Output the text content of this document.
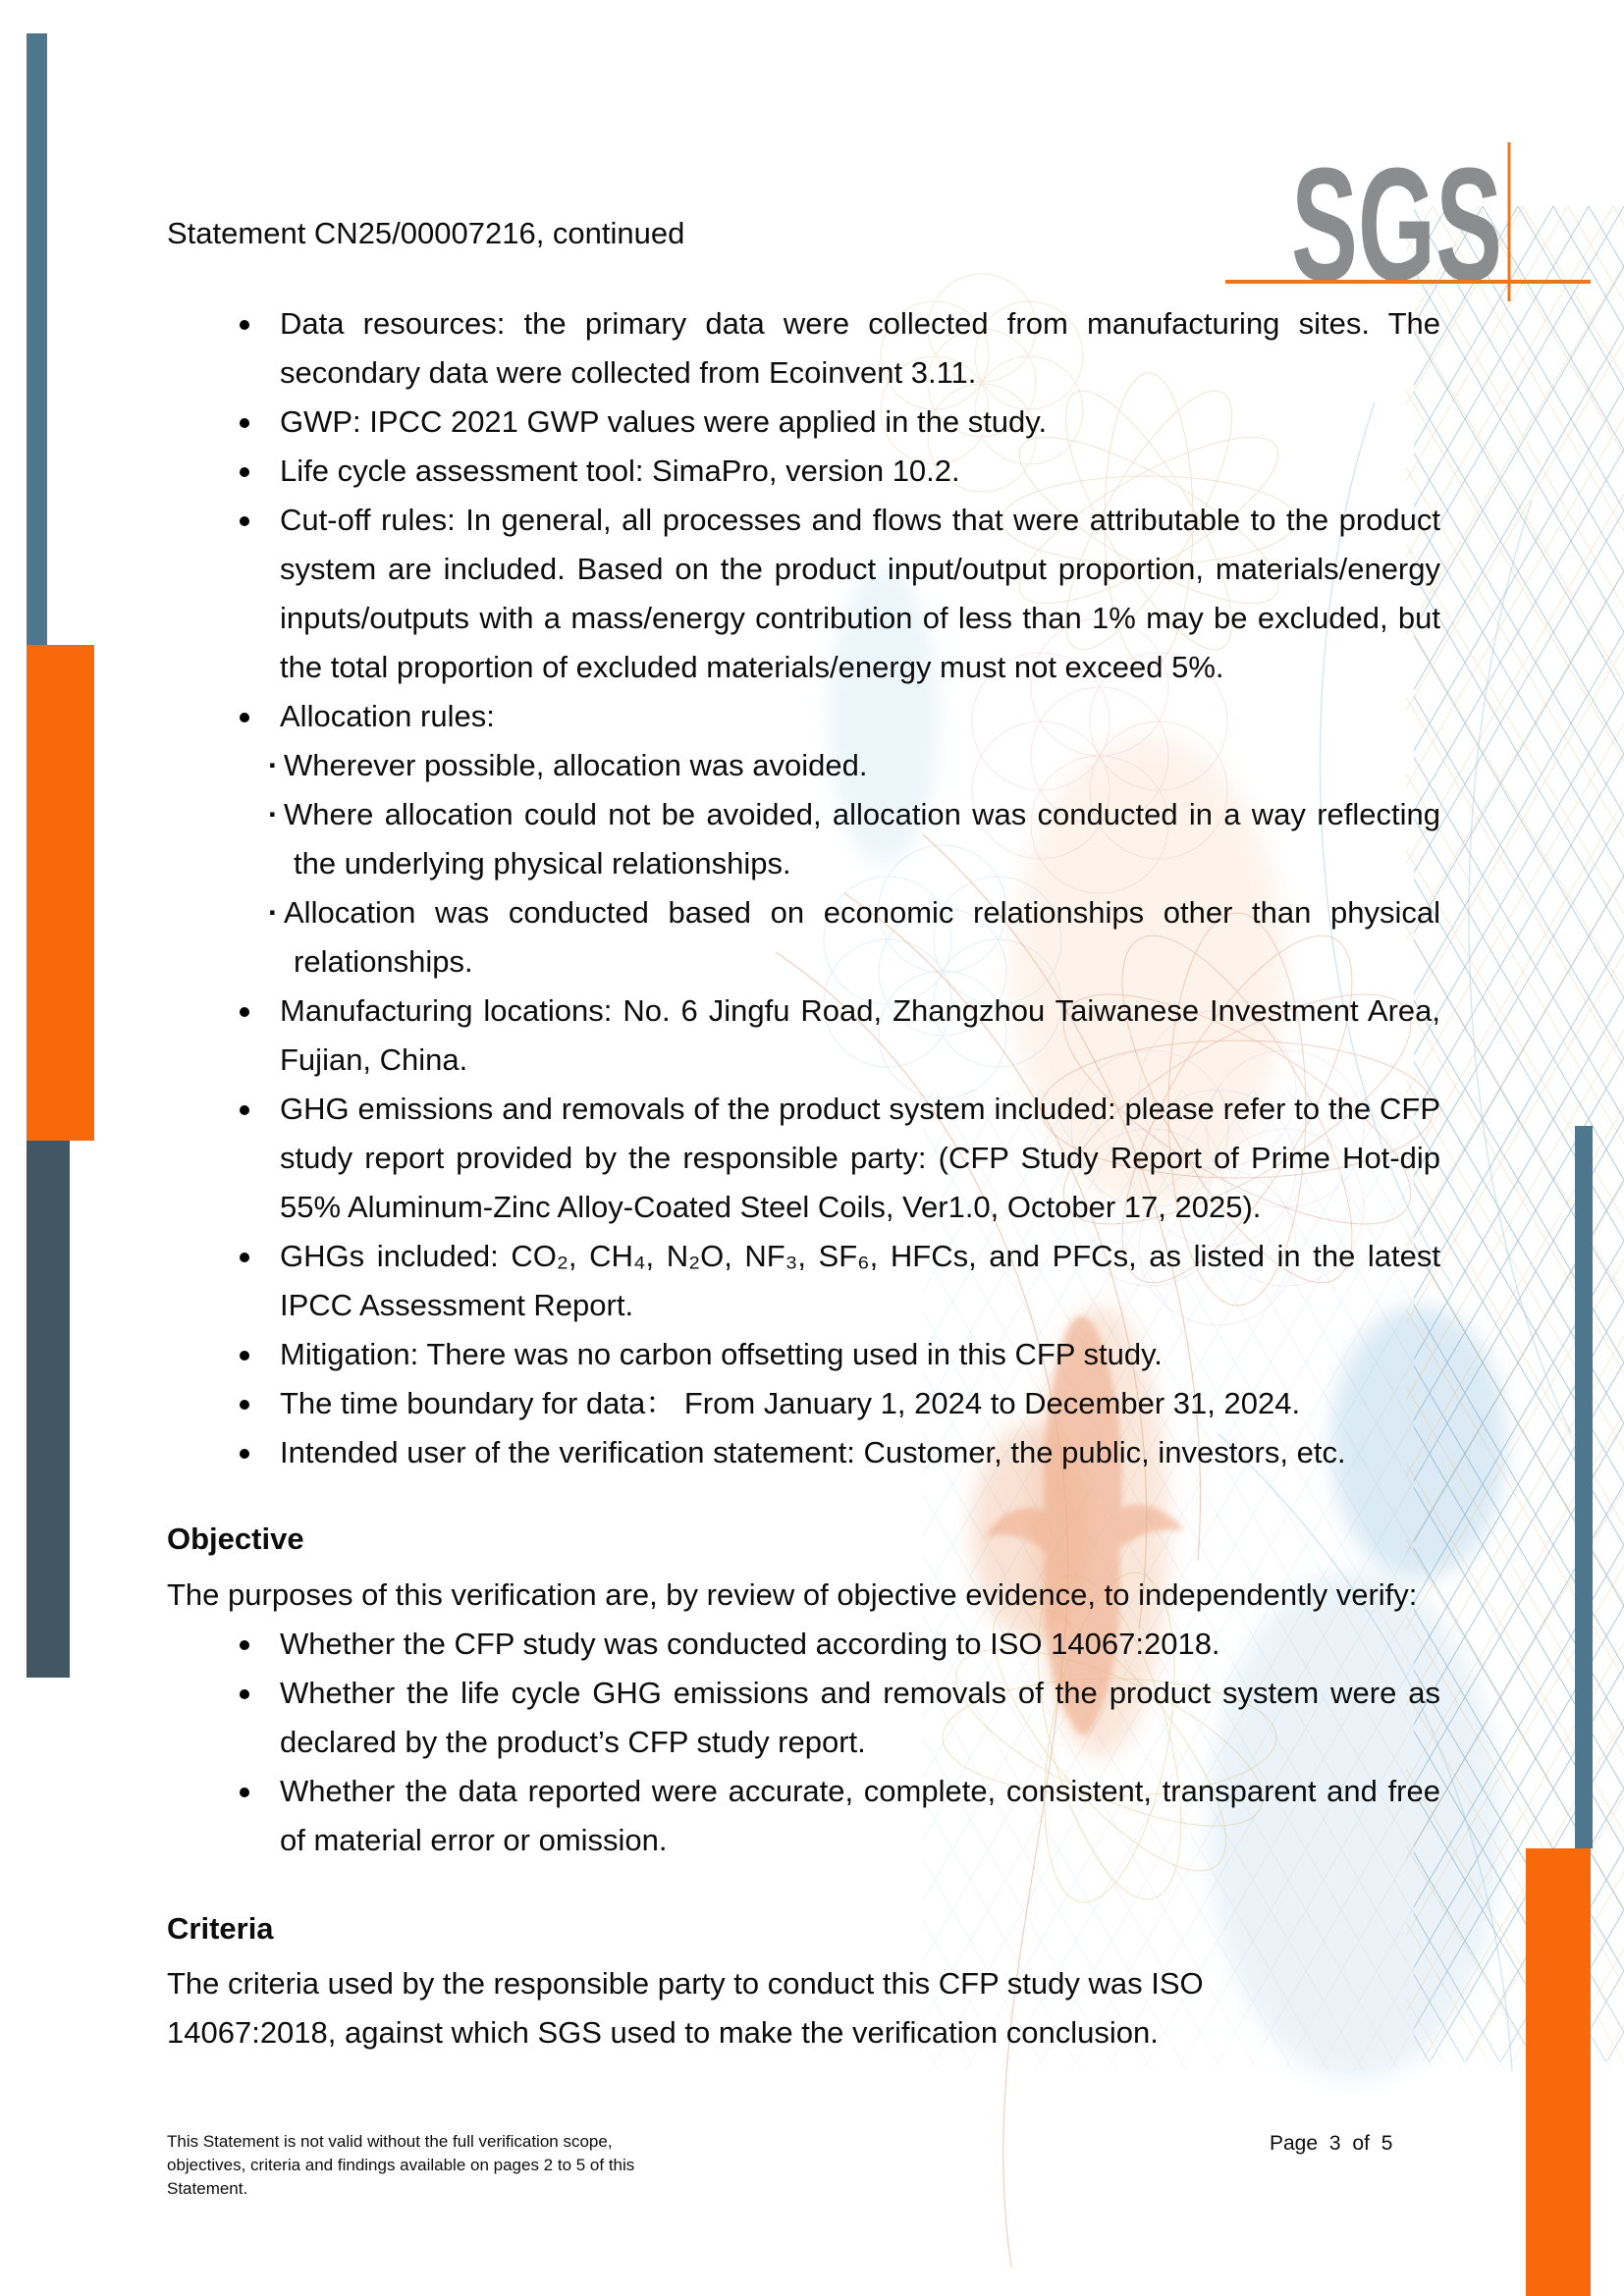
SGS
Statement CN25/00007216, continued
Data resources: the primary data were collected from manufacturing sites. The secondary data were collected from Ecoinvent 3.11.
GWP: IPCC 2021 GWP values were applied in the study.
Life cycle assessment tool: SimaPro, version 10.2.
Cut-off rules: In general, all processes and flows that were attributable to the product system are included. Based on the product input/output proportion, materials/energy inputs/outputs with a mass/energy contribution of less than 1% may be excluded, but the total proportion of excluded materials/energy must not exceed 5%.
Allocation rules:
· Wherever possible, allocation was avoided.
· Where allocation could not be avoided, allocation was conducted in a way reflecting the underlying physical relationships.
· Allocation was conducted based on economic relationships other than physical relationships.
Manufacturing locations: No. 6 Jingfu Road, Zhangzhou Taiwanese Investment Area, Fujian, China.
GHG emissions and removals of the product system included: please refer to the CFP study report provided by the responsible party: (CFP Study Report of Prime Hot-dip 55% Aluminum-Zinc Alloy-Coated Steel Coils, Ver1.0, October 17, 2025).
GHGs included: CO₂, CH₄, N₂O, NF₃, SF₆, HFCs, and PFCs, as listed in the latest IPCC Assessment Report.
Mitigation: There was no carbon offsetting used in this CFP study.
The time boundary for data： From January 1, 2024 to December 31, 2024.
Intended user of the verification statement: Customer, the public, investors, etc.
Objective
The purposes of this verification are, by review of objective evidence, to independently verify:
Whether the CFP study was conducted according to ISO 14067:2018.
Whether the life cycle GHG emissions and removals of the product system were as declared by the product’s CFP study report.
Whether the data reported were accurate, complete, consistent, transparent and free of material error or omission.
Criteria
The criteria used by the responsible party to conduct this CFP study was ISO 14067:2018, against which SGS used to make the verification conclusion.
This Statement is not valid without the full verification scope,
objectives, criteria and findings available on pages 2 to 5 of this
Statement.
Page 3 of 5
